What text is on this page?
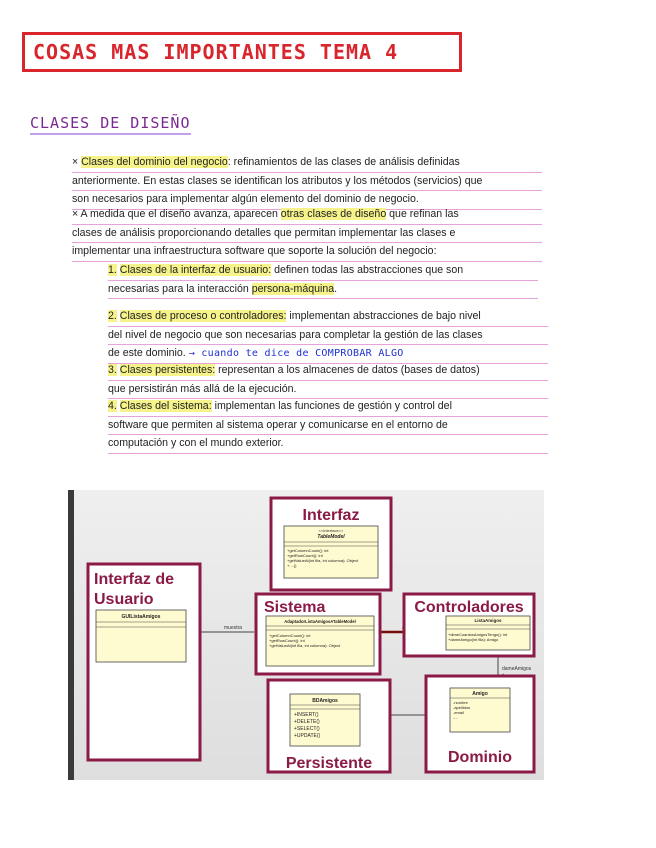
COSAS MAS IMPORTANTES TEMA 4
CLASES DE DISEÑO
× Clases del dominio del negocio: refinamientos de las clases de análisis definidas
anteriormente. En estas clases se identifican los atributos y los métodos (servicios) que
son necesarios para implementar algún elemento del dominio de negocio.
× A medida que el diseño avanza, aparecen otras clases de diseño que refinan las
clases de análisis proporcionando detalles que permitan implementar las clases e
implementar una infraestructura software que soporte la solución del negocio:
1. Clases de la interfaz de usuario: definen todas las abstracciones que son
necesarias para la interacción persona-máquina.
2. Clases de proceso o controladores: implementan abstracciones de bajo nivel
del nivel de negocio que son necesarias para completar la gestión de las clases
de este dominio. → cuando te dice de COMPROBAR ALGO
3. Clases persistentes: representan a los almacenes de datos (bases de datos)
que persistirán más allá de la ejecución.
4. Clases del sistema: implementan las funciones de gestión y control del
software que permiten al sistema operar y comunicarse en el entorno de
computación y con el mundo exterior.
muestra
dameAmigos
Interfaz
<<interface>>
TableModel
+getColumnCount(): int
+getRowCount(): int
+getValueAt(int fila, int columna): Object
+....()
Interfaz de
Usuario
GUIListaAmigos
Sistema
AdaptadorListaAmigosATableModel
+getColumnCount(): int
+getRowCount(): int
+getValueAt(int fila, int columna): Object
Controladores
ListaAmigos
+dimeCuantosAmigosTengo(): int
+dameAmigo(int fila): Amigo
BDAmigos
+INSERT()
+DELETE()
+SELECT()
+UPDATE()
Persistente
Amigo
-nombre
-apellidos
-email
-...
Dominio
